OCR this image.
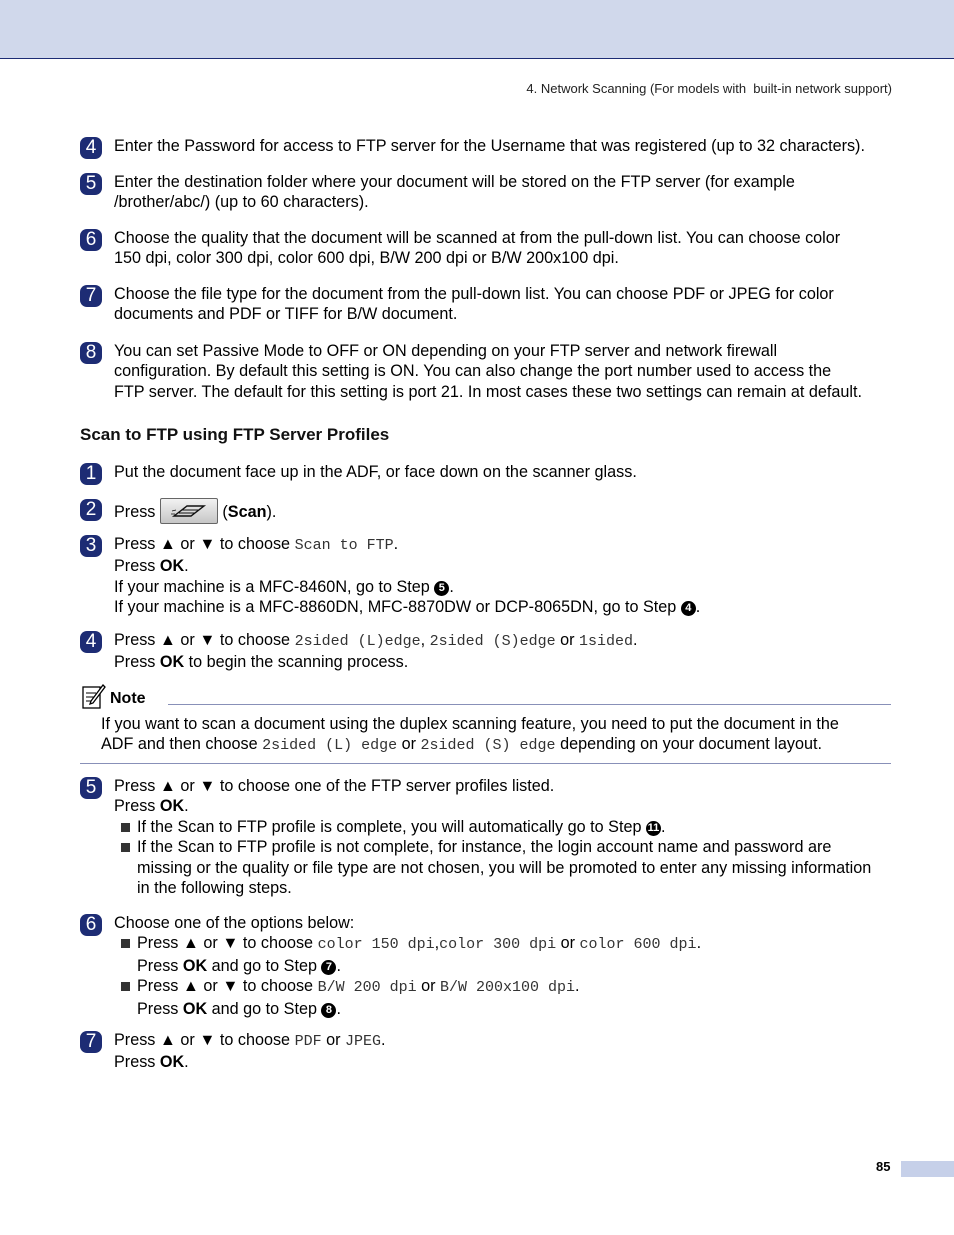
4. Network Scanning (For models with  built-in network support)
4	Enter the Password for access to FTP server for the Username that was registered (up to 32 characters).
5	Enter the destination folder where your document will be stored on the FTP server (for example
/brother/abc/) (up to 60 characters).
6	Choose the quality that the document will be scanned at from the pull-down list. You can choose color
150 dpi, color 300 dpi, color 600 dpi, B/W 200 dpi or B/W 200x100 dpi.
7	Choose the file type for the document from the pull-down list. You can choose PDF or JPEG for color
documents and PDF or TIFF for B/W document.
8	You can set Passive Mode to OFF or ON depending on your FTP server and network firewall
configuration. By default this setting is ON. You can also change the port number used to access the
FTP server. The default for this setting is port 21. In most cases these two settings can remain at default.
Scan to FTP using FTP Server Profiles
1	Put the document face up in the ADF, or face down on the scanner glass.
2	Press	(Scan).
3	Press ▲ or ▼ to choose Scan to FTP.
Press OK.
If your machine is a MFC-8460N, go to Step 5 .
If your machine is a MFC-8860DN, MFC-8870DW or DCP-8065DN, go to Step 4 .
4	Press ▲ or ▼ to choose 2sided (L)edge, 2sided (S)edge or 1sided.
Press OK to begin the scanning process.
Note
If you want to scan a document using the duplex scanning feature, you need to put the document in the
ADF and then choose 2sided (L) edge or 2sided (S) edge depending on your document layout.
5	Press ▲ or ▼ to choose one of the FTP server profiles listed.
Press OK.
If the Scan to FTP profile is complete, you will automatically go to Step 11 .
If the Scan to FTP profile is not complete, for instance, the login account name and password are
missing or the quality or file type are not chosen, you will be promoted to enter any missing information
in the following steps.
6	Choose one of the options below:
Press ▲ or ▼ to choose color 150 dpi,color 300 dpi or color 600 dpi.
Press OK and go to Step 7 .
Press ▲ or ▼ to choose B/W 200 dpi or B/W 200x100 dpi.
Press OK and go to Step 8 .
7	Press ▲ or ▼ to choose PDF or JPEG.
Press OK.
85
